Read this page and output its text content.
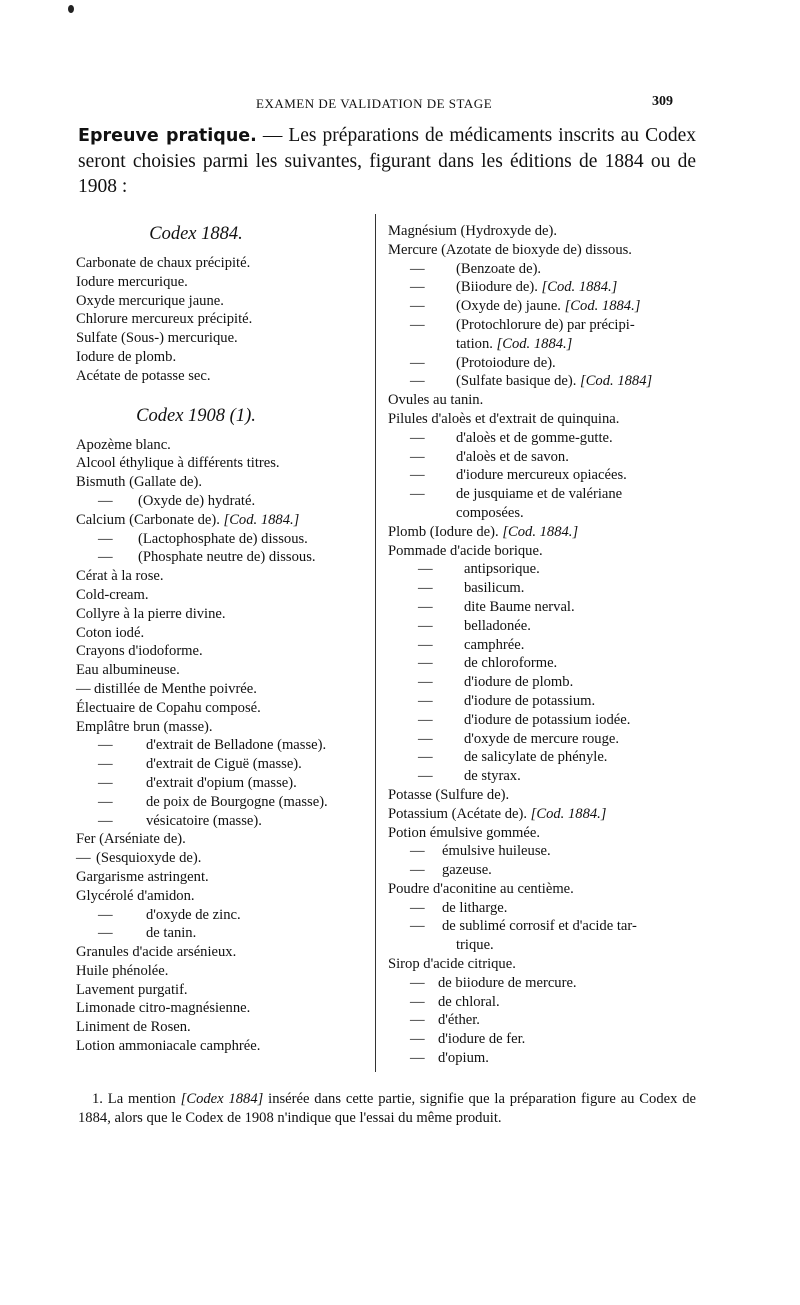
EXAMEN DE VALIDATION DE STAGE	309
Epreuve pratique. — Les préparations de médicaments inscrits au Codex seront choisies parmi les suivantes, figurant dans les éditions de 1884 ou de 1908 :
Codex 1884.
Carbonate de chaux précipité.
Iodure mercurique.
Oxyde mercurique jaune.
Chlorure mercureux précipité.
Sulfate (Sous-) mercurique.
Iodure de plomb.
Acétate de potasse sec.
Codex 1908 (1).
Apozème blanc.
Alcool éthylique à différents titres.
Bismuth (Gallate de).
— (Oxyde de) hydraté.
Calcium (Carbonate de). [Cod. 1884.]
— (Lactophosphate de) dissous.
— (Phosphate neutre de) dissous.
Cérat à la rose.
Cold-cream.
Collyre à la pierre divine.
Coton iodé.
Crayons d'iodoforme.
Eau albumineuse.
— distillée de Menthe poivrée.
Électuaire de Copahu composé.
Emplâtre brun (masse).
— d'extrait de Belladone (masse).
— d'extrait de Ciguë (masse).
— d'extrait d'opium (masse).
— de poix de Bourgogne (masse).
— vésicatoire (masse).
Fer (Arséniate de).
— (Sesquioxyde de).
Gargarisme astringent.
Glycérolé d'amidon.
— d'oxyde de zinc.
— de tanin.
Granules d'acide arsénieux.
Huile phénolée.
Lavement purgatif.
Limonade citro-magnésienne.
Liniment de Rosen.
Lotion ammoniacale camphrée.
Magnésium (Hydroxyde de).
Mercure (Azotate de bioxyde de) dissous.
— (Benzoate de).
— (Biiodure de). [Cod. 1884.]
— (Oxyde de) jaune. [Cod. 1884.]
— (Protochlorure de) par précipi-
tation. [Cod. 1884.]
— (Protoiodure de).
— (Sulfate basique de). [Cod. 1884]
Ovules au tanin.
Pilules d'aloès et d'extrait de quinquina.
— d'aloès et de gomme-gutte.
— d'aloès et de savon.
— d'iodure mercureux opiacées.
— de jusquiame et de valériane
composées.
Plomb (Iodure de). [Cod. 1884.]
Pommade d'acide borique.
— antipsorique.
— basilicum.
— dite Baume nerval.
— belladonée.
— camphrée.
— de chloroforme.
— d'iodure de plomb.
— d'iodure de potassium.
— d'iodure de potassium iodée.
— d'oxyde de mercure rouge.
— de salicylate de phényle.
— de styrax.
Potasse (Sulfure de).
Potassium (Acétate de). [Cod. 1884.]
Potion émulsive gommée.
— émulsive huileuse.
— gazeuse.
Poudre d'aconitine au centième.
— de litharge.
— de sublimé corrosif et d'acide tar-
trique.
Sirop d'acide citrique.
— de biiodure de mercure.
— de chloral.
— d'éther.
— d'iodure de fer.
— d'opium.
1. La mention [Codex 1884] insérée dans cette partie, signifie que la préparation figure au Codex de 1884, alors que le Codex de 1908 n'indique que l'essai du même produit.
